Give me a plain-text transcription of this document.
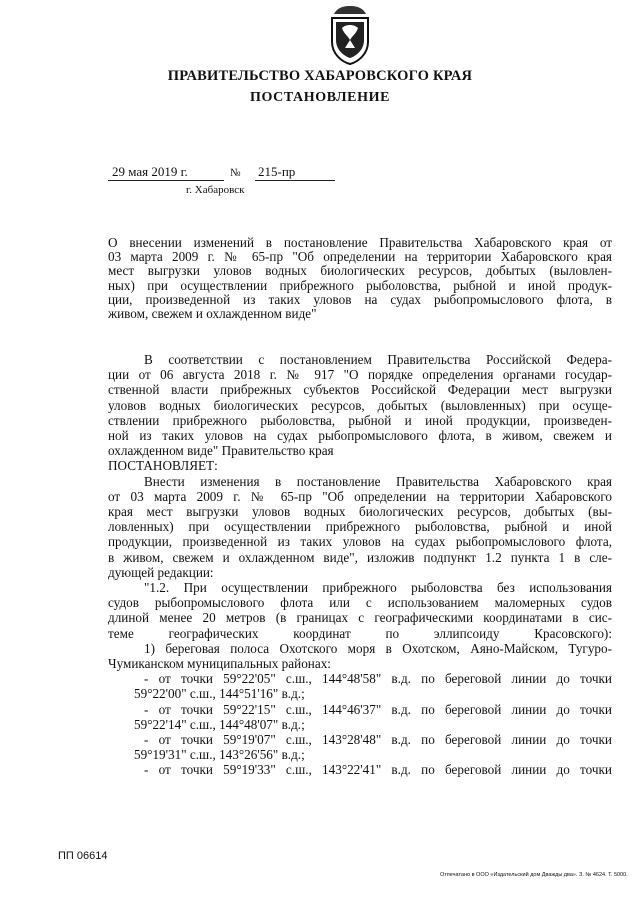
ПРАВИТЕЛЬСТВО ХАБАРОВСКОГО КРАЯ
ПОСТАНОВЛЕНИЕ
29 мая 2019 г.	№ 215-пр
г. Хабаровск
О внесении изменений в постановление Правительства Хабаровского края от
03 марта 2009 г. № 65-пр "Об определении на территории Хабаровского края
мест выгрузки уловов водных биологических ресурсов, добытых (выловлен-
ных) при осуществлении прибрежного рыболовства, рыбной и иной продук-
ции, произведенной из таких уловов на судах рыбопромыслового флота, в
живом, свежем и охлажденном виде"
В соответствии с постановлением Правительства Российской Федера-
ции от 06 августа 2018 г. № 917 "О порядке определения органами государ-
ственной власти прибрежных субъектов Российской Федерации мест выгрузки
уловов водных биологических ресурсов, добытых (выловленных) при осуще-
ствлении прибрежного рыболовства, рыбной и иной продукции, произведен-
ной из таких уловов на судах рыбопромыслового флота, в живом, свежем и
охлажденном виде" Правительство края
ПОСТАНОВЛЯЕТ:
Внести изменения в постановление Правительства Хабаровского края
от 03 марта 2009 г. № 65-пр "Об определении на территории Хабаровского
края мест выгрузки уловов водных биологических ресурсов, добытых (вы-
ловленных) при осуществлении прибрежного рыболовства, рыбной и иной
продукции, произведенной из таких уловов на судах рыбопромыслового флота,
в живом, свежем и охлажденном виде", изложив подпункт 1.2 пункта 1 в сле-
дующей редакции:
"1.2. При осуществлении прибрежного рыболовства без использования
судов рыбопромыслового флота или с использованием маломерных судов
длиной менее 20 метров (в границах с географическими координатами в сис-
теме географических координат по эллипсоиду Красовского):
1) береговая полоса Охотского моря в Охотском, Аяно-Майском, Тугуро-
Чумиканском муниципальных районах:
- от точки 59°22'05" с.ш., 144°48'58" в.д. по береговой линии до точки
59°22'00" с.ш., 144°51'16" в.д.;
- от точки 59°22'15" с.ш., 144°46'37" в.д. по береговой линии до точки
59°22'14" с.ш., 144°48'07" в.д.;
- от точки 59°19'07" с.ш., 143°28'48" в.д. по береговой линии до точки
59°19'31" с.ш., 143°26'56" в.д.;
- от точки 59°19'33" с.ш., 143°22'41" в.д. по береговой линии до точки
ПП 06614
Отпечатано в ООО «Издательский дом Дважды два». З. № 4624. Т. 5000.
